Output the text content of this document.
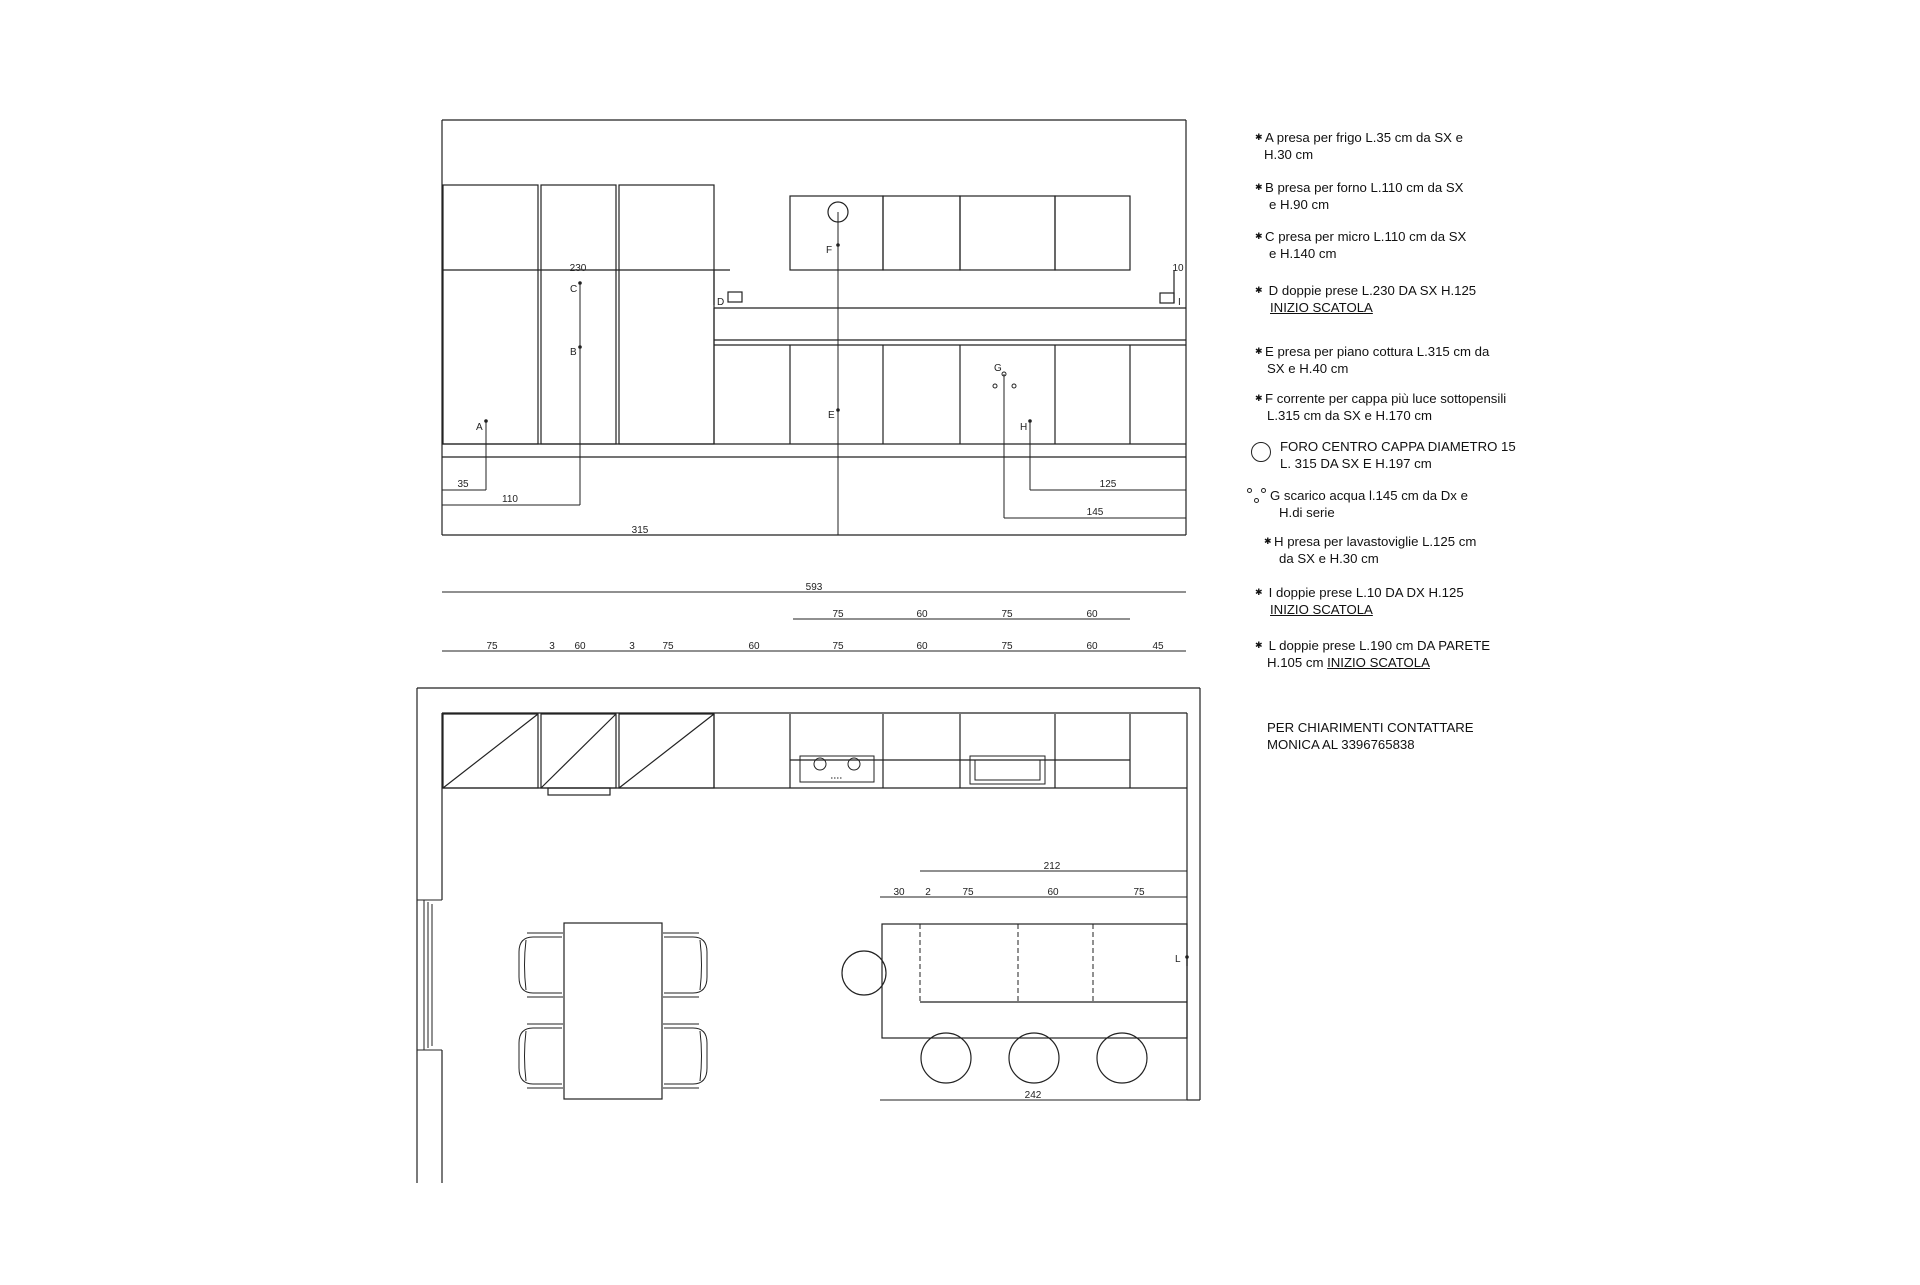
A
B
C
D
E
F
G
H
I
230	10
35
110
315
125
145
593
75	60	75	60
75	3 60	3	75	60	75	60	75	60	45
212
30 2	75	60	75
242
L
✱ A presa per frigo L.35 cm da SX e
H.30 cm
✱ B presa per forno L.110 cm da SX
e H.90 cm
✱ C presa per micro L.110 cm da SX
e H.140 cm
✱ D doppie prese L.230 DA SX H.125
INIZIO SCATOLA
✱ E presa per piano cottura L.315 cm da
SX e H.40 cm
✱ F corrente per cappa più luce sottopensili
L.315 cm da SX e H.170 cm
FORO CENTRO CAPPA DIAMETRO 15
L. 315 DA SX E H.197 cm
G scarico acqua l.145 cm da Dx e
H.di serie
✱ H presa per lavastoviglie L.125 cm
da SX e H.30 cm
✱ I doppie prese L.10 DA DX H.125
INIZIO SCATOLA
✱ L doppie prese L.190 cm DA PARETE
H.105 cm INIZIO SCATOLA
PER CHIARIMENTI CONTATTARE
MONICA AL 3396765838
